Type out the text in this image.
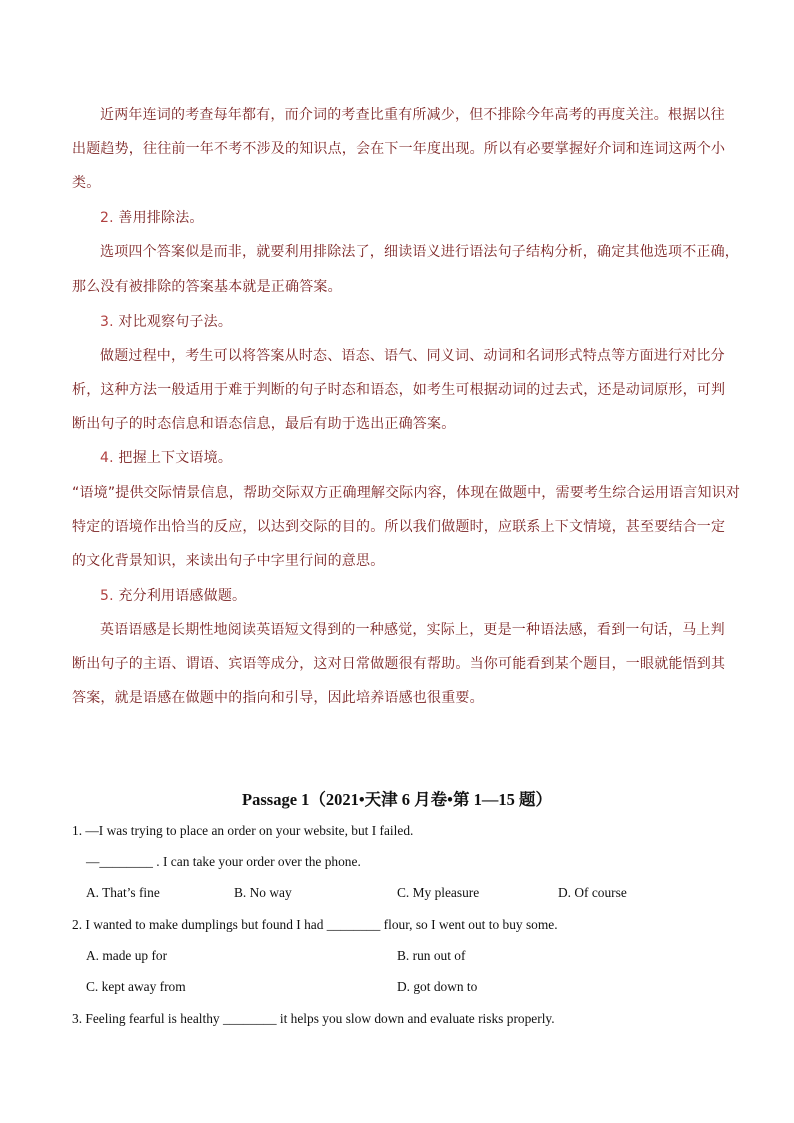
近两年连词的考查每年都有，而介词的考查比重有所减少，但不排除今年高考的再度关注。根据以往
出题趋势，往往前一年不考不涉及的知识点，会在下一年度出现。所以有必要掌握好介词和连词这两个小
类。
2. 善用排除法。
选项四个答案似是而非，就要利用排除法了，细读语义进行语法句子结构分析，确定其他选项不正确，
那么没有被排除的答案基本就是正确答案。
3. 对比观察句子法。
做题过程中，考生可以将答案从时态、语态、语气、同义词、动词和名词形式特点等方面进行对比分
析，这种方法一般适用于难于判断的句子时态和语态，如考生可根据动词的过去式，还是动词原形，可判
断出句子的时态信息和语态信息，最后有助于选出正确答案。
4. 把握上下文语境。
“语境”提供交际情景信息，帮助交际双方正确理解交际内容，体现在做题中，需要考生综合运用语言知识对
特定的语境作出恰当的反应，以达到交际的目的。所以我们做题时，应联系上下文情境，甚至要结合一定
的文化背景知识，来读出句子中字里行间的意思。
5. 充分利用语感做题。
英语语感是长期性地阅读英语短文得到的一种感觉，实际上，更是一种语法感，看到一句话，马上判
断出句子的主语、谓语、宾语等成分，这对日常做题很有帮助。当你可能看到某个题目，一眼就能悟到其
答案，就是语感在做题中的指向和引导，因此培养语感也很重要。
Passage 1（2021•天津 6 月卷•第 1—15 题）
1. —I was trying to place an order on your website, but I failed.
—________ . I can take your order over the phone.
A. That’s fine	B. No way	C. My pleasure	D. Of course
2. I wanted to make dumplings but found I had ________ flour, so I went out to buy some.
A. made up for	B. run out of
C. kept away from	D. got down to
3. Feeling fearful is healthy ________ it helps you slow down and evaluate risks properly.
